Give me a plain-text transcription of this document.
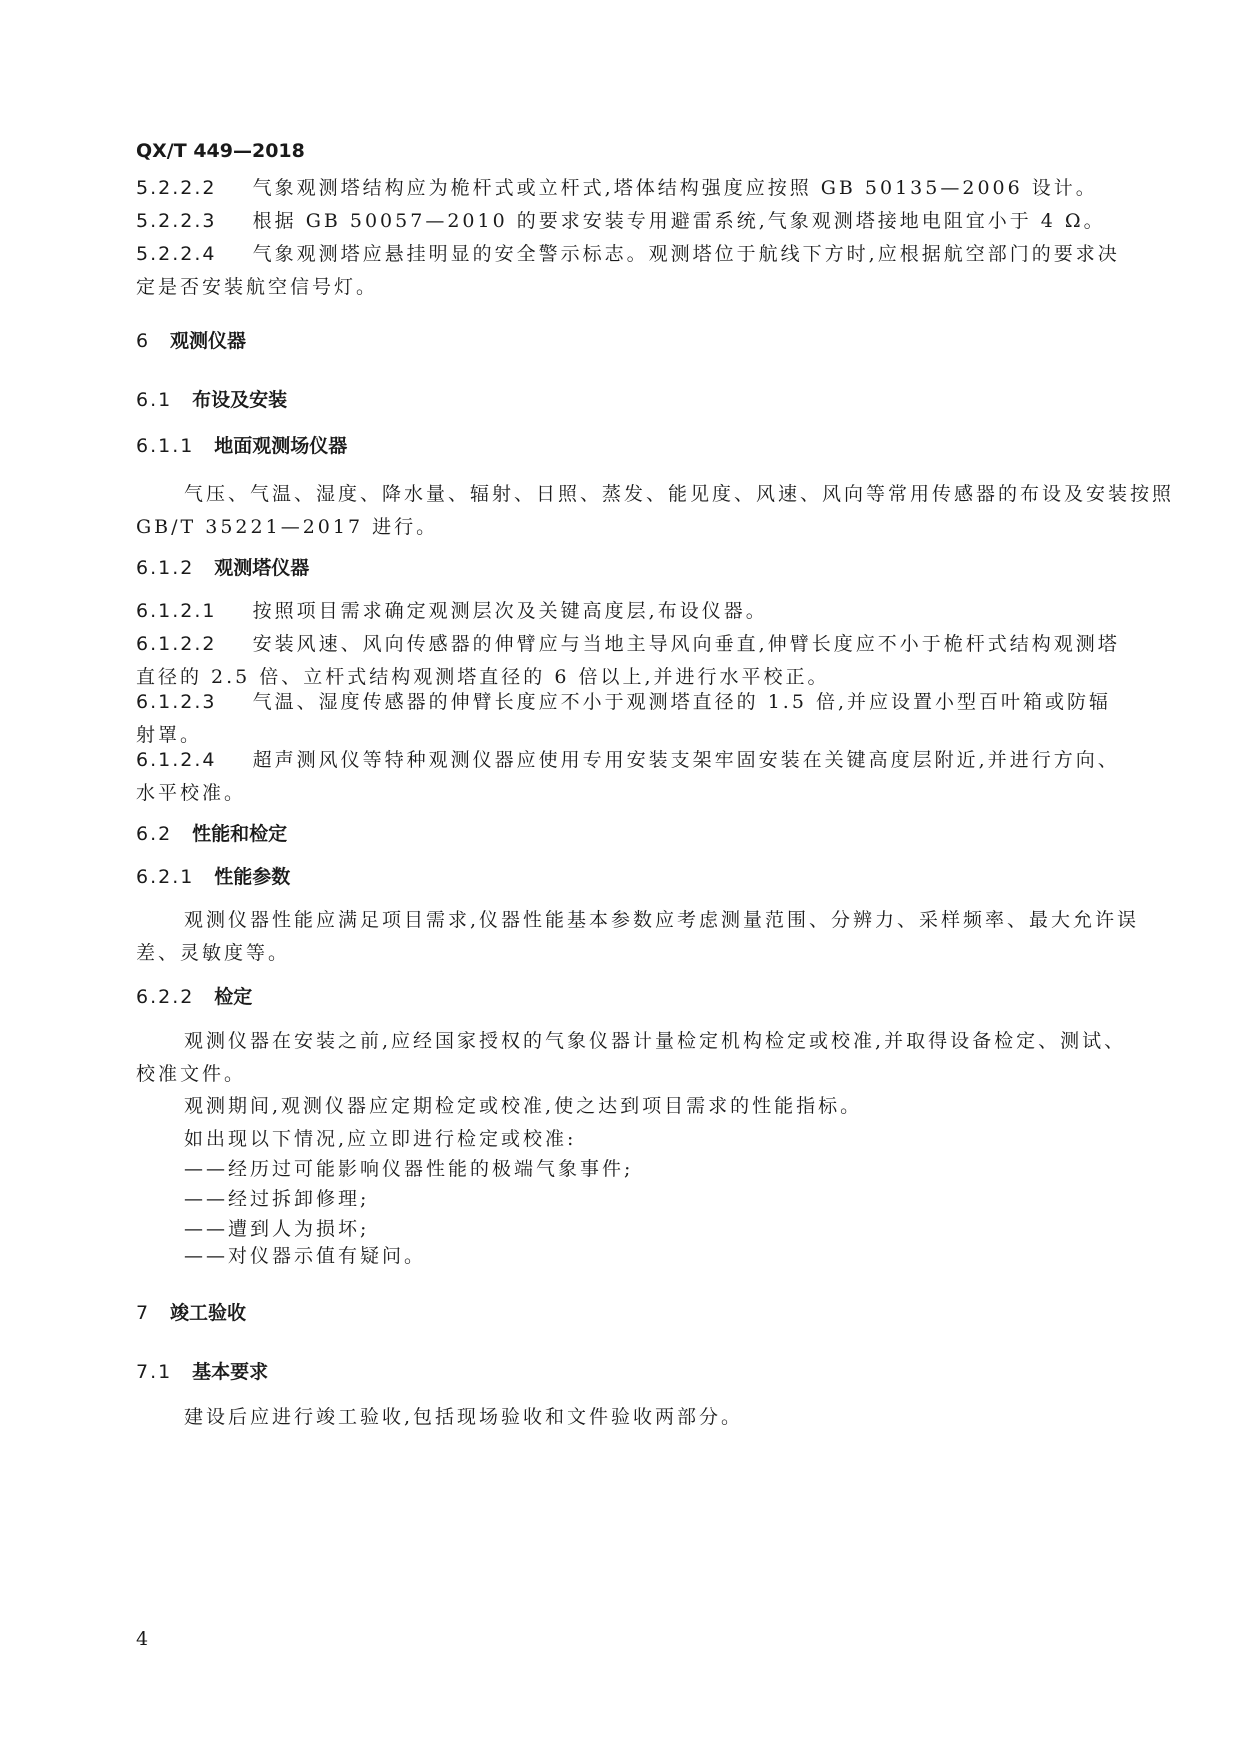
QX/T 449—2018
5.2.2.2 气象观测塔结构应为桅杆式或立杆式,塔体结构强度应按照 GB 50135—2006 设计。
5.2.2.3 根据 GB 50057—2010 的要求安装专用避雷系统,气象观测塔接地电阻宜小于 4 Ω。
5.2.2.4 气象观测塔应悬挂明显的安全警示标志。观测塔位于航线下方时,应根据航空部门的要求决
定是否安装航空信号灯。
6 观测仪器
6.1 布设及安装
6.1.1 地面观测场仪器
气压、气温、湿度、降水量、辐射、日照、蒸发、能见度、风速、风向等常用传感器的布设及安装按照
GB/T 35221—2017 进行。
6.1.2 观测塔仪器
6.1.2.1 按照项目需求确定观测层次及关键高度层,布设仪器。
6.1.2.2 安装风速、风向传感器的伸臂应与当地主导风向垂直,伸臂长度应不小于桅杆式结构观测塔
直径的 2.5 倍、立杆式结构观测塔直径的 6 倍以上,并进行水平校正。
6.1.2.3 气温、湿度传感器的伸臂长度应不小于观测塔直径的 1.5 倍,并应设置小型百叶箱或防辐
射罩。
6.1.2.4 超声测风仪等特种观测仪器应使用专用安装支架牢固安装在关键高度层附近,并进行方向、
水平校准。
6.2 性能和检定
6.2.1 性能参数
观测仪器性能应满足项目需求,仪器性能基本参数应考虑测量范围、分辨力、采样频率、最大允许误
差、灵敏度等。
6.2.2 检定
观测仪器在安装之前,应经国家授权的气象仪器计量检定机构检定或校准,并取得设备检定、测试、
校准文件。
观测期间,观测仪器应定期检定或校准,使之达到项目需求的性能指标。
如出现以下情况,应立即进行检定或校准:
——经历过可能影响仪器性能的极端气象事件;
——经过拆卸修理;
——遭到人为损坏;
——对仪器示值有疑问。
7 竣工验收
7.1 基本要求
建设后应进行竣工验收,包括现场验收和文件验收两部分。
4
